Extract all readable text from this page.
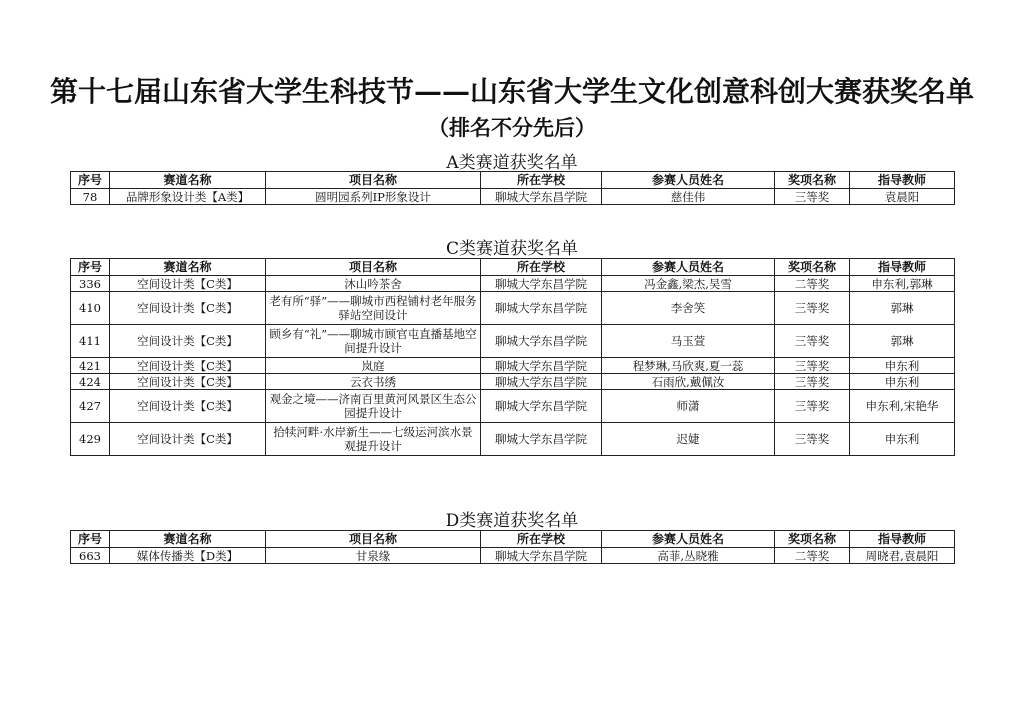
第十七届山东省大学生科技节——山东省大学生文化创意科创大赛获奖名单
（排名不分先后）
A类赛道获奖名单
序号	赛道名称	项目名称	所在学校	参赛人员姓名	奖项名称	指导教师
78	品牌形象设计类【A类】	圆明园系列IP形象设计	聊城大学东昌学院	慈佳伟	三等奖	袁晨阳
C类赛道获奖名单
序号	赛道名称	项目名称	所在学校	参赛人员姓名	奖项名称	指导教师
336	空间设计类【C类】	沐山吟茶舍	聊城大学东昌学院	冯金鑫,梁杰,吴雪	二等奖	申东利,郭琳
410	空间设计类【C类】	老有所“驿”——聊城市西程铺村老年服务驿站空间设计	聊城大学东昌学院	李舍笑	三等奖	郭琳
411	空间设计类【C类】	顾乡有“礼”——聊城市顾官屯直播基地空间提升设计	聊城大学东昌学院	马玉萱	三等奖	郭琳
421	空间设计类【C类】	岚庭	聊城大学东昌学院	程梦琳,马欣爽,夏一蕊	三等奖	申东利
424	空间设计类【C类】	云衣书绣	聊城大学东昌学院	石雨欣,戴佩汝	三等奖	申东利
427	空间设计类【C类】	观金之境——济南百里黄河风景区生态公园提升设计	聊城大学东昌学院	师潇	三等奖	申东利,宋艳华
429	空间设计类【C类】	拾犊河畔·水岸新生——七级运河滨水景观提升设计	聊城大学东昌学院	迟婕	三等奖	申东利
D类赛道获奖名单
序号	赛道名称	项目名称	所在学校	参赛人员姓名	奖项名称	指导教师
663	媒体传播类【D类】	甘泉缘	聊城大学东昌学院	高菲,丛晓雅	二等奖	周晓君,袁晨阳
